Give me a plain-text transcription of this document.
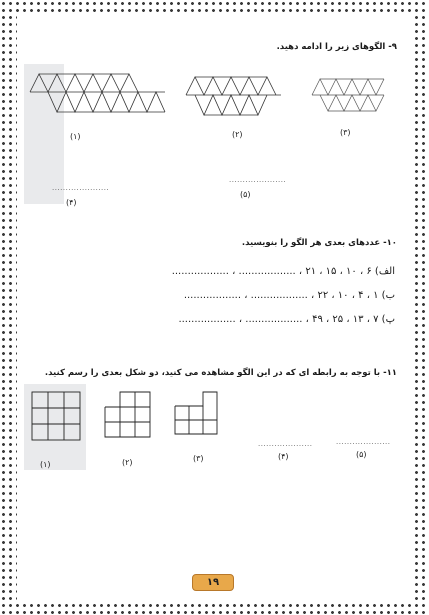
۹- الگوهای زیر را ادامه دهید.
(۱)	(۲)	(۳)
.....................
(۴)
.....................
(۵)
۱۰- عددهای بعدی هر الگو را بنویسید.
الف) ۶ ، ۱۰ ، ۱۵ ، ۲۱ ، .................. ، ..................
ب) ۱ ، ۴ ، ۱۰ ، ۲۲ ، .................. ، ..................
پ) ۷ ، ۱۳ ، ۲۵ ، ۴۹ ، .................. ، ..................
۱۱- با توجه به رابطه ای که در این الگو مشاهده می کنید، دو شکل بعدی را رسم کنید.
(۱)	(۲)	(۳)
....................
(۴)
....................
(۵)
۱۹
